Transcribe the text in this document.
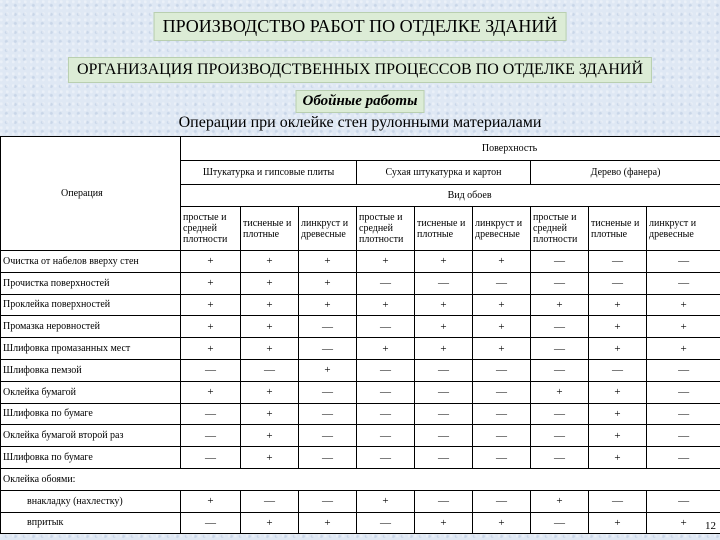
ПРОИЗВОДСТВО РАБОТ ПО ОТДЕЛКЕ ЗДАНИЙ
ОРГАНИЗАЦИЯ ПРОИЗВОДСТВЕННЫХ ПРОЦЕССОВ ПО ОТДЕЛКЕ ЗДАНИЙ
Обойные работы
Операции при оклейке стен рулонными материалами
Операция	Поверхность								
	Штукатурка и гипсовые плиты			Сухая штукатурка и картон			Дерево (фанера)		
	Вид обоев								
	простые и средней плотности	тисненые и плотные	линкруст и древесные	простые и средней плотности	тисненые и плотные	линкруст и древесные	простые и средней плотности	тисненые и плотные	линкруст и древесные
Очистка от набелов вверху стен	+	+	+	+	+	+	—	—	—
Прочистка поверхностей	+	+	+	—	—	—	—	—	—
Проклейка поверхностей	+	+	+	+	+	+	+	+	+
Промазка неровностей	+	+	—	—	+	+	—	+	+
Шлифовка промазанных мест	+	+	—	+	+	+	—	+	+
Шлифовка пемзой	—	—	+	—	—	—	—	—	—
Оклейка бумагой	+	+	—	—	—	—	+	+	—
Шлифовка по бумаге	—	+	—	—	—	—	—	+	—
Оклейка бумагой второй раз	—	+	—	—	—	—	—	+	—
Шлифовка по бумаге	—	+	—	—	—	—	—	+	—
Оклейка обоями:									
внакладку (нахлестку)	+	—	—	+	—	—	+	—	—
впритык	—	+	+	—	+	+	—	+	+ 12
